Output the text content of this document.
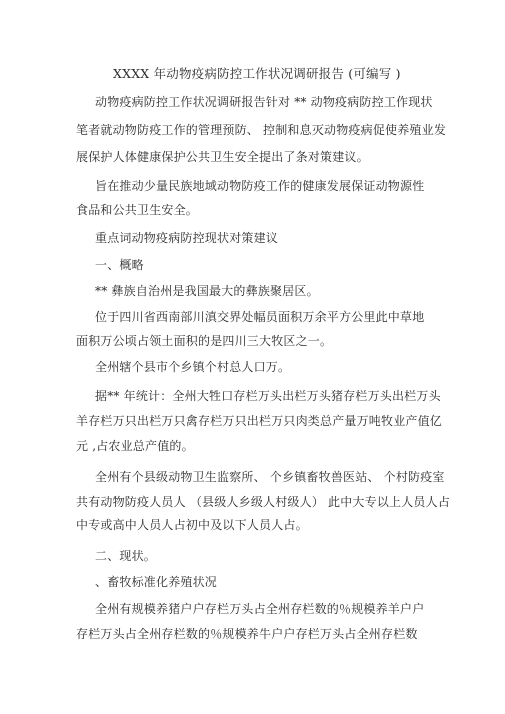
XXXX 年动物疫病防控工作状况调研报告 (可编写 )
动物疫病防控工作状况调研报告针对 ** 动物疫病防控工作现状
笔者就动物防疫工作的管理预防、 控制和息灭动物疫病促使养殖业发
展保护人体健康保护公共卫生安全提出了条对策建议。
旨在推动少量民族地域动物防疫工作的健康发展保证动物源性
食品和公共卫生安全。
重点词动物疫病防控现状对策建议
一、概略
** 彝族自治州是我国最大的彝族聚居区。
位于四川省西南部川滇交界处幅员面积万余平方公里此中草地
面积万公顷占领土面积的是四川三大牧区之一。
全州辖个县市个乡镇个村总人口万。
据** 年统计：全州大牲口存栏万头出栏万头猪存栏万头出栏万头
羊存栏万只出栏万只禽存栏万只出栏万只肉类总产量万吨牧业产值亿
元 ,占农业总产值的。
全州有个县级动物卫生监察所、 个乡镇畜牧兽医站、 个村防疫室
共有动物防疫人员人 （县级人乡级人村级人） 此中大专以上人员人占
中专或高中人员人占初中及以下人员人占。
二、现状。
、畜牧标准化养殖状况
全州有规模养猪户户存栏万头占全州存栏数的％规模养羊户户
存栏万头占全州存栏数的％规模养牛户户存栏万头占全州存栏数
